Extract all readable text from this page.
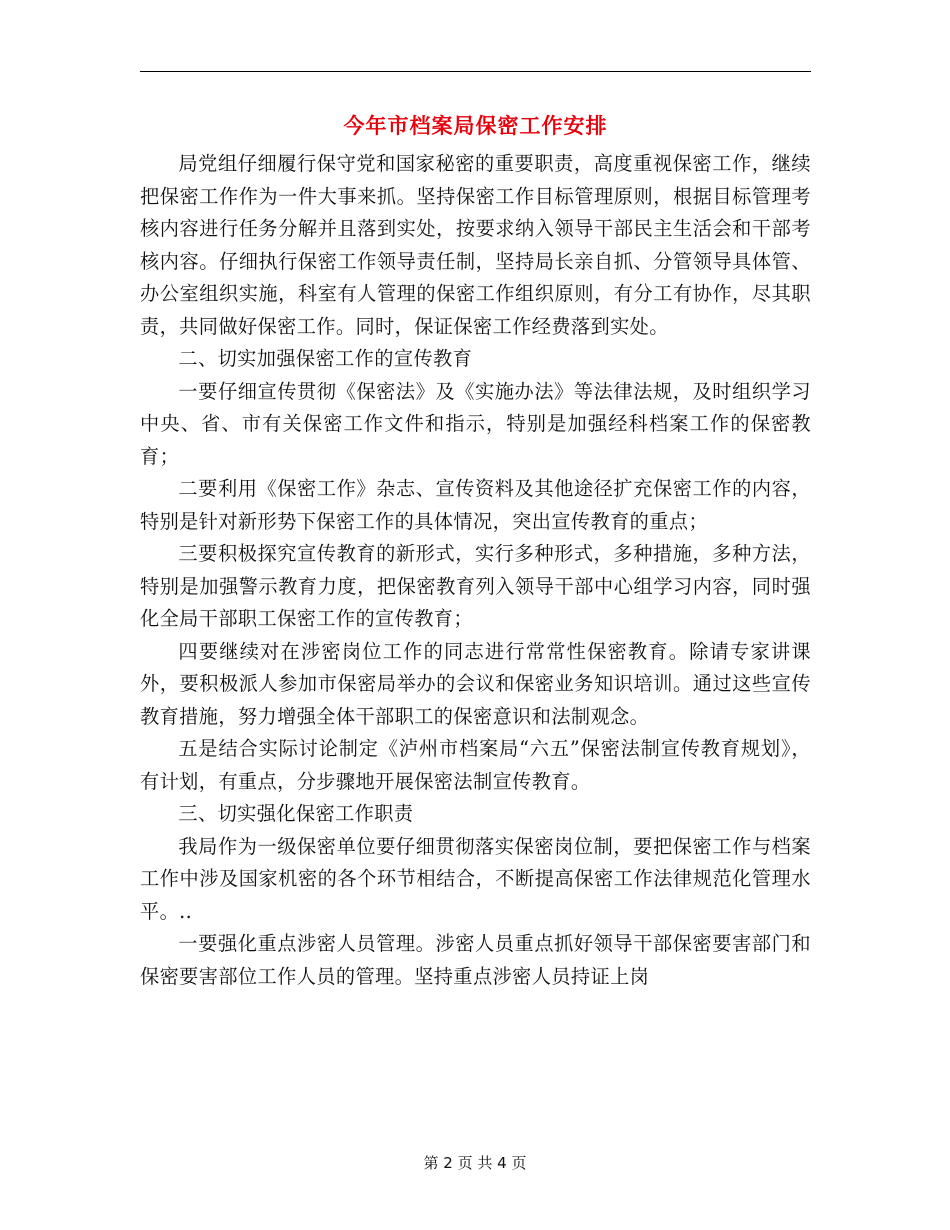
今年市档案局保密工作安排

局党组仔细履行保守党和国家秘密的重要职责，高度重视保密工作，继续把保密工作作为一件大事来抓。坚持保密工作目标管理原则，根据目标管理考核内容进行任务分解并且落到实处，按要求纳入领导干部民主生活会和干部考核内容。仔细执行保密工作领导责任制，坚持局长亲自抓、分管领导具体管、办公室组织实施，科室有人管理的保密工作组织原则，有分工有协作，尽其职责，共同做好保密工作。同时，保证保密工作经费落到实处。

二、切实加强保密工作的宣传教育

一要仔细宣传贯彻《保密法》及《实施办法》等法律法规，及时组织学习中央、省、市有关保密工作文件和指示，特别是加强经科档案工作的保密教育；

二要利用《保密工作》杂志、宣传资料及其他途径扩充保密工作的内容，特别是针对新形势下保密工作的具体情况，突出宣传教育的重点；

三要积极探究宣传教育的新形式，实行多种形式，多种措施，多种方法，特别是加强警示教育力度，把保密教育列入领导干部中心组学习内容，同时强化全局干部职工保密工作的宣传教育；

四要继续对在涉密岗位工作的同志进行常常性保密教育。除请专家讲课外，要积极派人参加市保密局举办的会议和保密业务知识培训。通过这些宣传教育措施，努力增强全体干部职工的保密意识和法制观念。

五是结合实际讨论制定《泸州市档案局“六五”保密法制宣传教育规划》，有计划，有重点，分步骤地开展保密法制宣传教育。

三、切实强化保密工作职责

我局作为一级保密单位要仔细贯彻落实保密岗位制，要把保密工作与档案工作中涉及国家机密的各个环节相结合，不断提高保密工作法律规范化管理水平。..

一要强化重点涉密人员管理。涉密人员重点抓好领导干部保密要害部门和保密要害部位工作人员的管理。坚持重点涉密人员持证上岗

第 2 页 共 4 页
